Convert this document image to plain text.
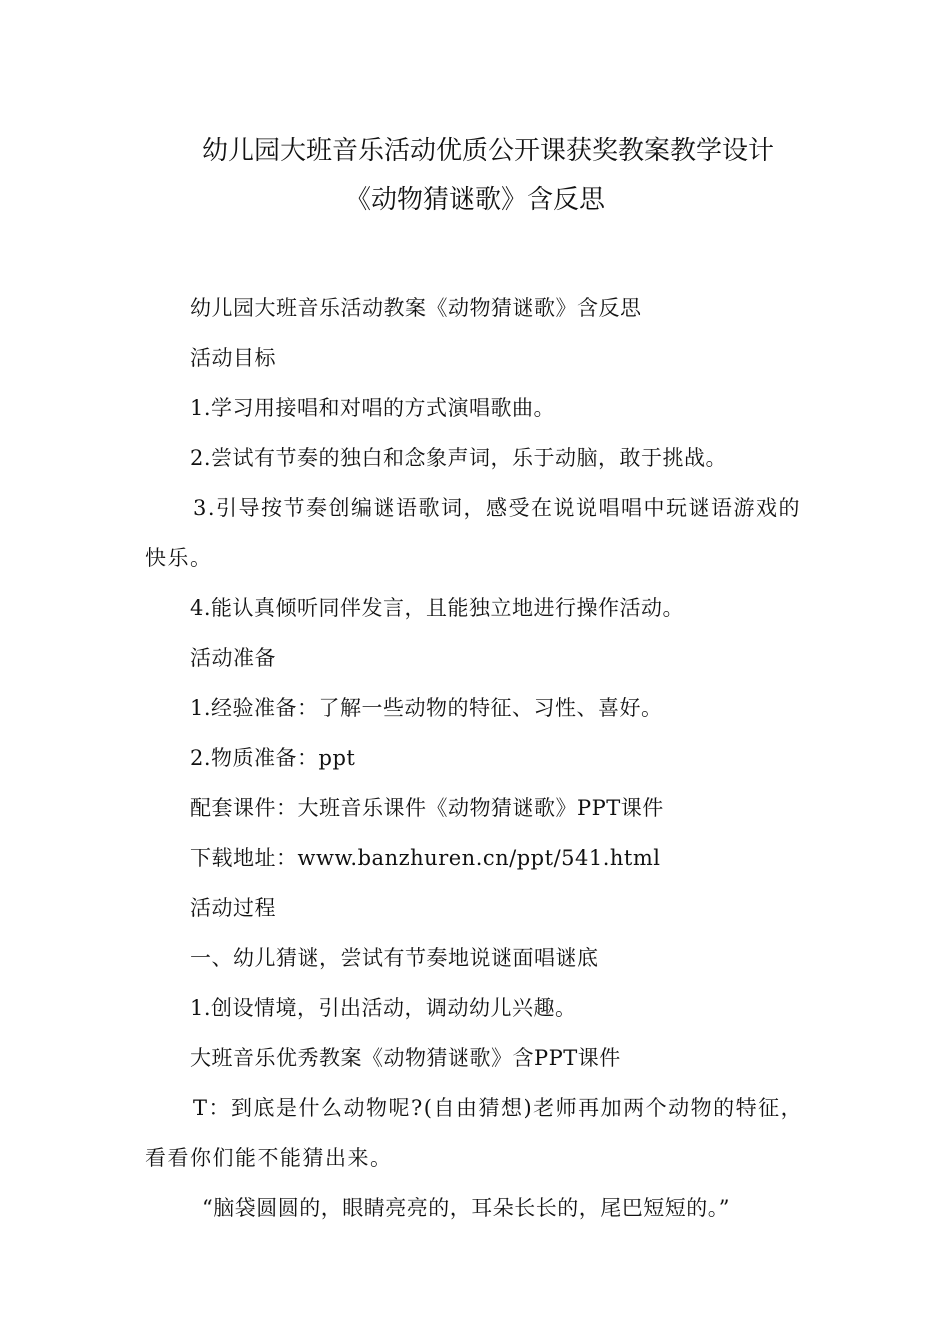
幼儿园大班音乐活动优质公开课获奖教案教学设计
《动物猜谜歌》含反思

幼儿园大班音乐活动教案《动物猜谜歌》含反思

活动目标

1.学习用接唱和对唱的方式演唱歌曲。

2.尝试有节奏的独白和念象声词，乐于动脑，敢于挑战。

3.引导按节奏创编谜语歌词，感受在说说唱唱中玩谜语游戏的快乐。

4.能认真倾听同伴发言，且能独立地进行操作活动。

活动准备

1.经验准备：了解一些动物的特征、习性、喜好。

2.物质准备：ppt

配套课件：大班音乐课件《动物猜谜歌》PPT课件

下载地址：www.banzhuren.cn/ppt/541.html

活动过程

一、幼儿猜谜，尝试有节奏地说谜面唱谜底

1.创设情境，引出活动，调动幼儿兴趣。

大班音乐优秀教案《动物猜谜歌》含PPT课件

T：到底是什么动物呢?(自由猜想)老师再加两个动物的特征，看看你们能不能猜出来。

“脑袋圆圆的，眼睛亮亮的，耳朵长长的，尾巴短短的。”
